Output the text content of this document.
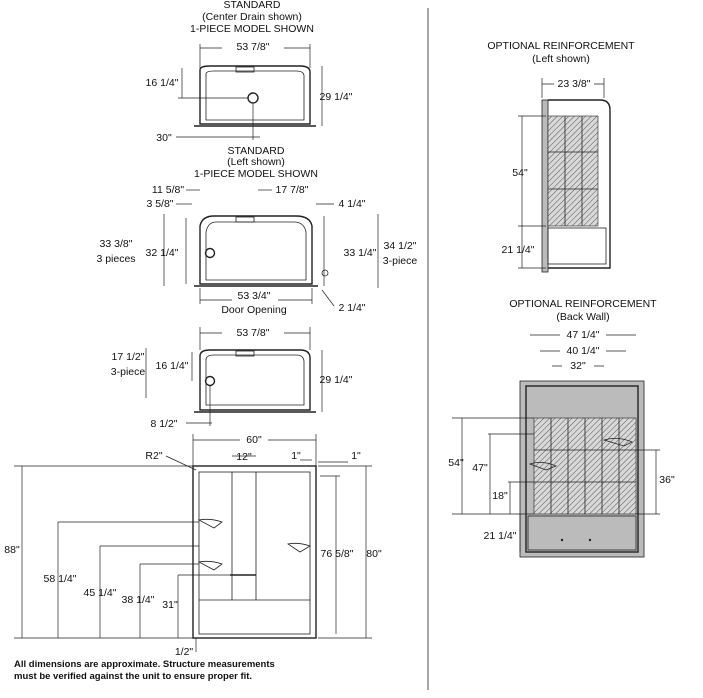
STANDARD
(Center Drain shown)
1-PIECE MODEL SHOWN
53 7/8"
16 1/4"
29 1/4"
30"
STANDARD
(Left shown)
1-PIECE MODEL SHOWN
11 5/8"
3 5/8"
17 7/8"
4 1/4"
33 3/8"
3 pieces 32 1/4"	33 1/4"
34 1/2"
3-piece
53 3/4"
Door Opening	2 1/4"
53 7/8"
17 1/2"
3-piece 16 1/4"
29 1/4"
8 1/2"
60"
R2"	12"	1"	1"
88"
58 1/4"
45 1/4"
38 1/4" 31"
76 5/8" 80"
1/2"
All dimensions are approximate. Structure measurements
must be verified against the unit to ensure proper fit.
OPTIONAL REINFORCEMENT
(Left shown)
23 3/8"
54"
21 1/4"
OPTIONAL REINFORCEMENT
(Back Wall)
47 1/4"
40 1/4"
32"
54" 47"
18"
21 1/4"
36"
